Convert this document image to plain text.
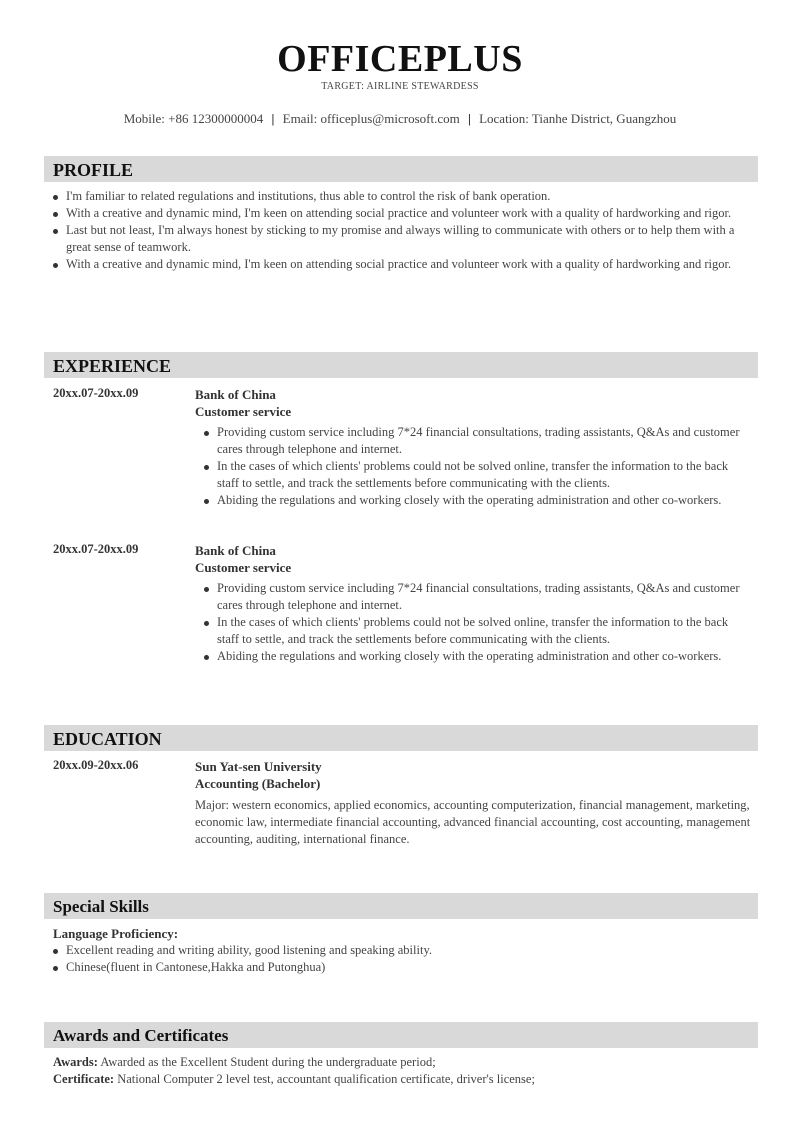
OFFICEPLUS
TARGET: AIRLINE STEWARDESS
Mobile: +86 12300000004 | Email: officeplus@microsoft.com | Location: Tianhe District, Guangzhou
PROFILE
I'm familiar to related regulations and institutions, thus able to control the risk of bank operation.
With a creative and dynamic mind, I'm keen on attending social practice and volunteer work with a quality of hardworking and rigor.
Last but not least, I'm always honest by sticking to my promise and always willing to communicate with others or to help them with a great sense of teamwork.
With a creative and dynamic mind, I'm keen on attending social practice and volunteer work with a quality of hardworking and rigor.
EXPERIENCE
20xx.07-20xx.09	Bank of China
Customer service
Providing custom service including 7*24 financial consultations, trading assistants, Q&As and customer cares through telephone and internet.
In the cases of which clients' problems could not be solved online, transfer the information to the back staff to settle, and track the settlements before communicating with the clients.
Abiding the regulations and working closely with the operating administration and other co-workers.
20xx.07-20xx.09	Bank of China
Customer service
Providing custom service including 7*24 financial consultations, trading assistants, Q&As and customer cares through telephone and internet.
In the cases of which clients' problems could not be solved online, transfer the information to the back staff to settle, and track the settlements before communicating with the clients.
Abiding the regulations and working closely with the operating administration and other co-workers.
EDUCATION
20xx.09-20xx.06	Sun Yat-sen University
Accounting (Bachelor)
Major: western economics, applied economics, accounting computerization, financial management, marketing, economic law, intermediate financial accounting, advanced financial accounting, cost accounting, management accounting, auditing, international finance.
Special Skills
Language Proficiency:
Excellent reading and writing ability, good listening and speaking ability.
Chinese(fluent in Cantonese,Hakka and Putonghua)
Awards and Certificates
Awards: Awarded as the Excellent Student during the undergraduate period;
Certificate: National Computer 2 level test, accountant qualification certificate, driver's license;
